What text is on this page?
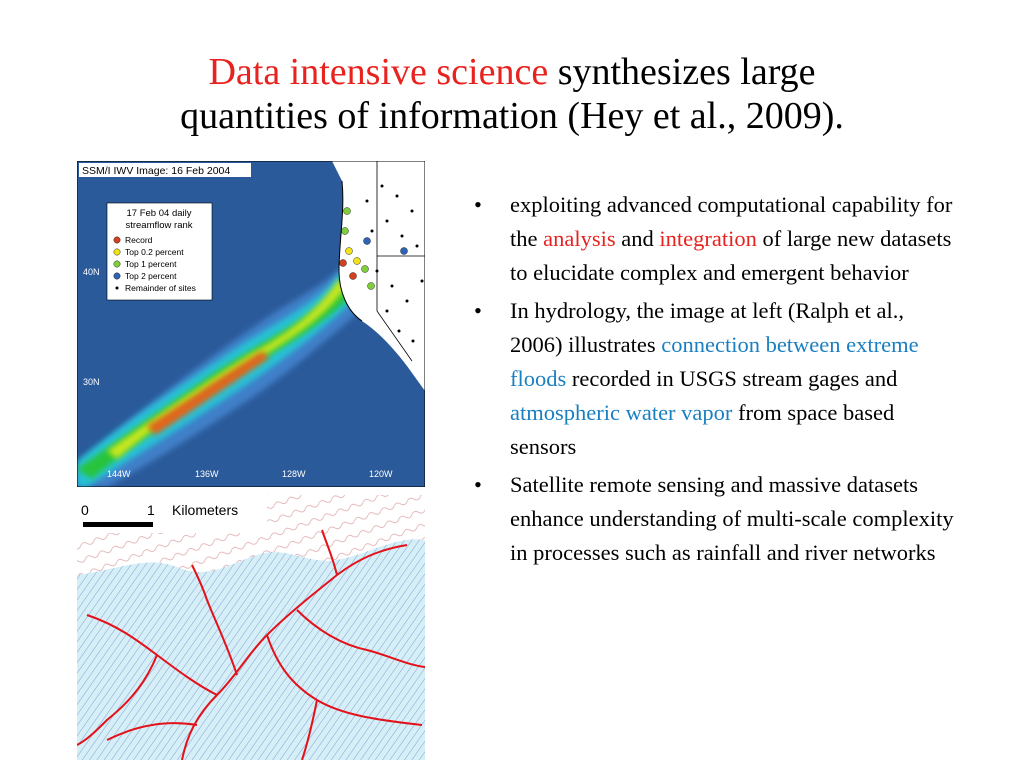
Data intensive science synthesizes large
quantities of information (Hey et al., 2009).
SSM/I IWV Image: 16 Feb 2004
17 Feb 04 daily
streamflow rank
Record
Top 0.2 percent
Top 1 percent
Top 2 percent
Remainder of sites
40N
30N
144W	136W	128W	120W
0	1 Kilometers
• exploiting advanced computational capability for the analysis and integration of large new datasets to elucidate complex and emergent behavior
• In hydrology, the image at left (Ralph et al., 2006) illustrates connection between extreme floods recorded in USGS stream gages and atmospheric water vapor from space based sensors
• Satellite remote sensing and massive datasets enhance understanding of multi-scale complexity in processes such as rainfall and river networks
